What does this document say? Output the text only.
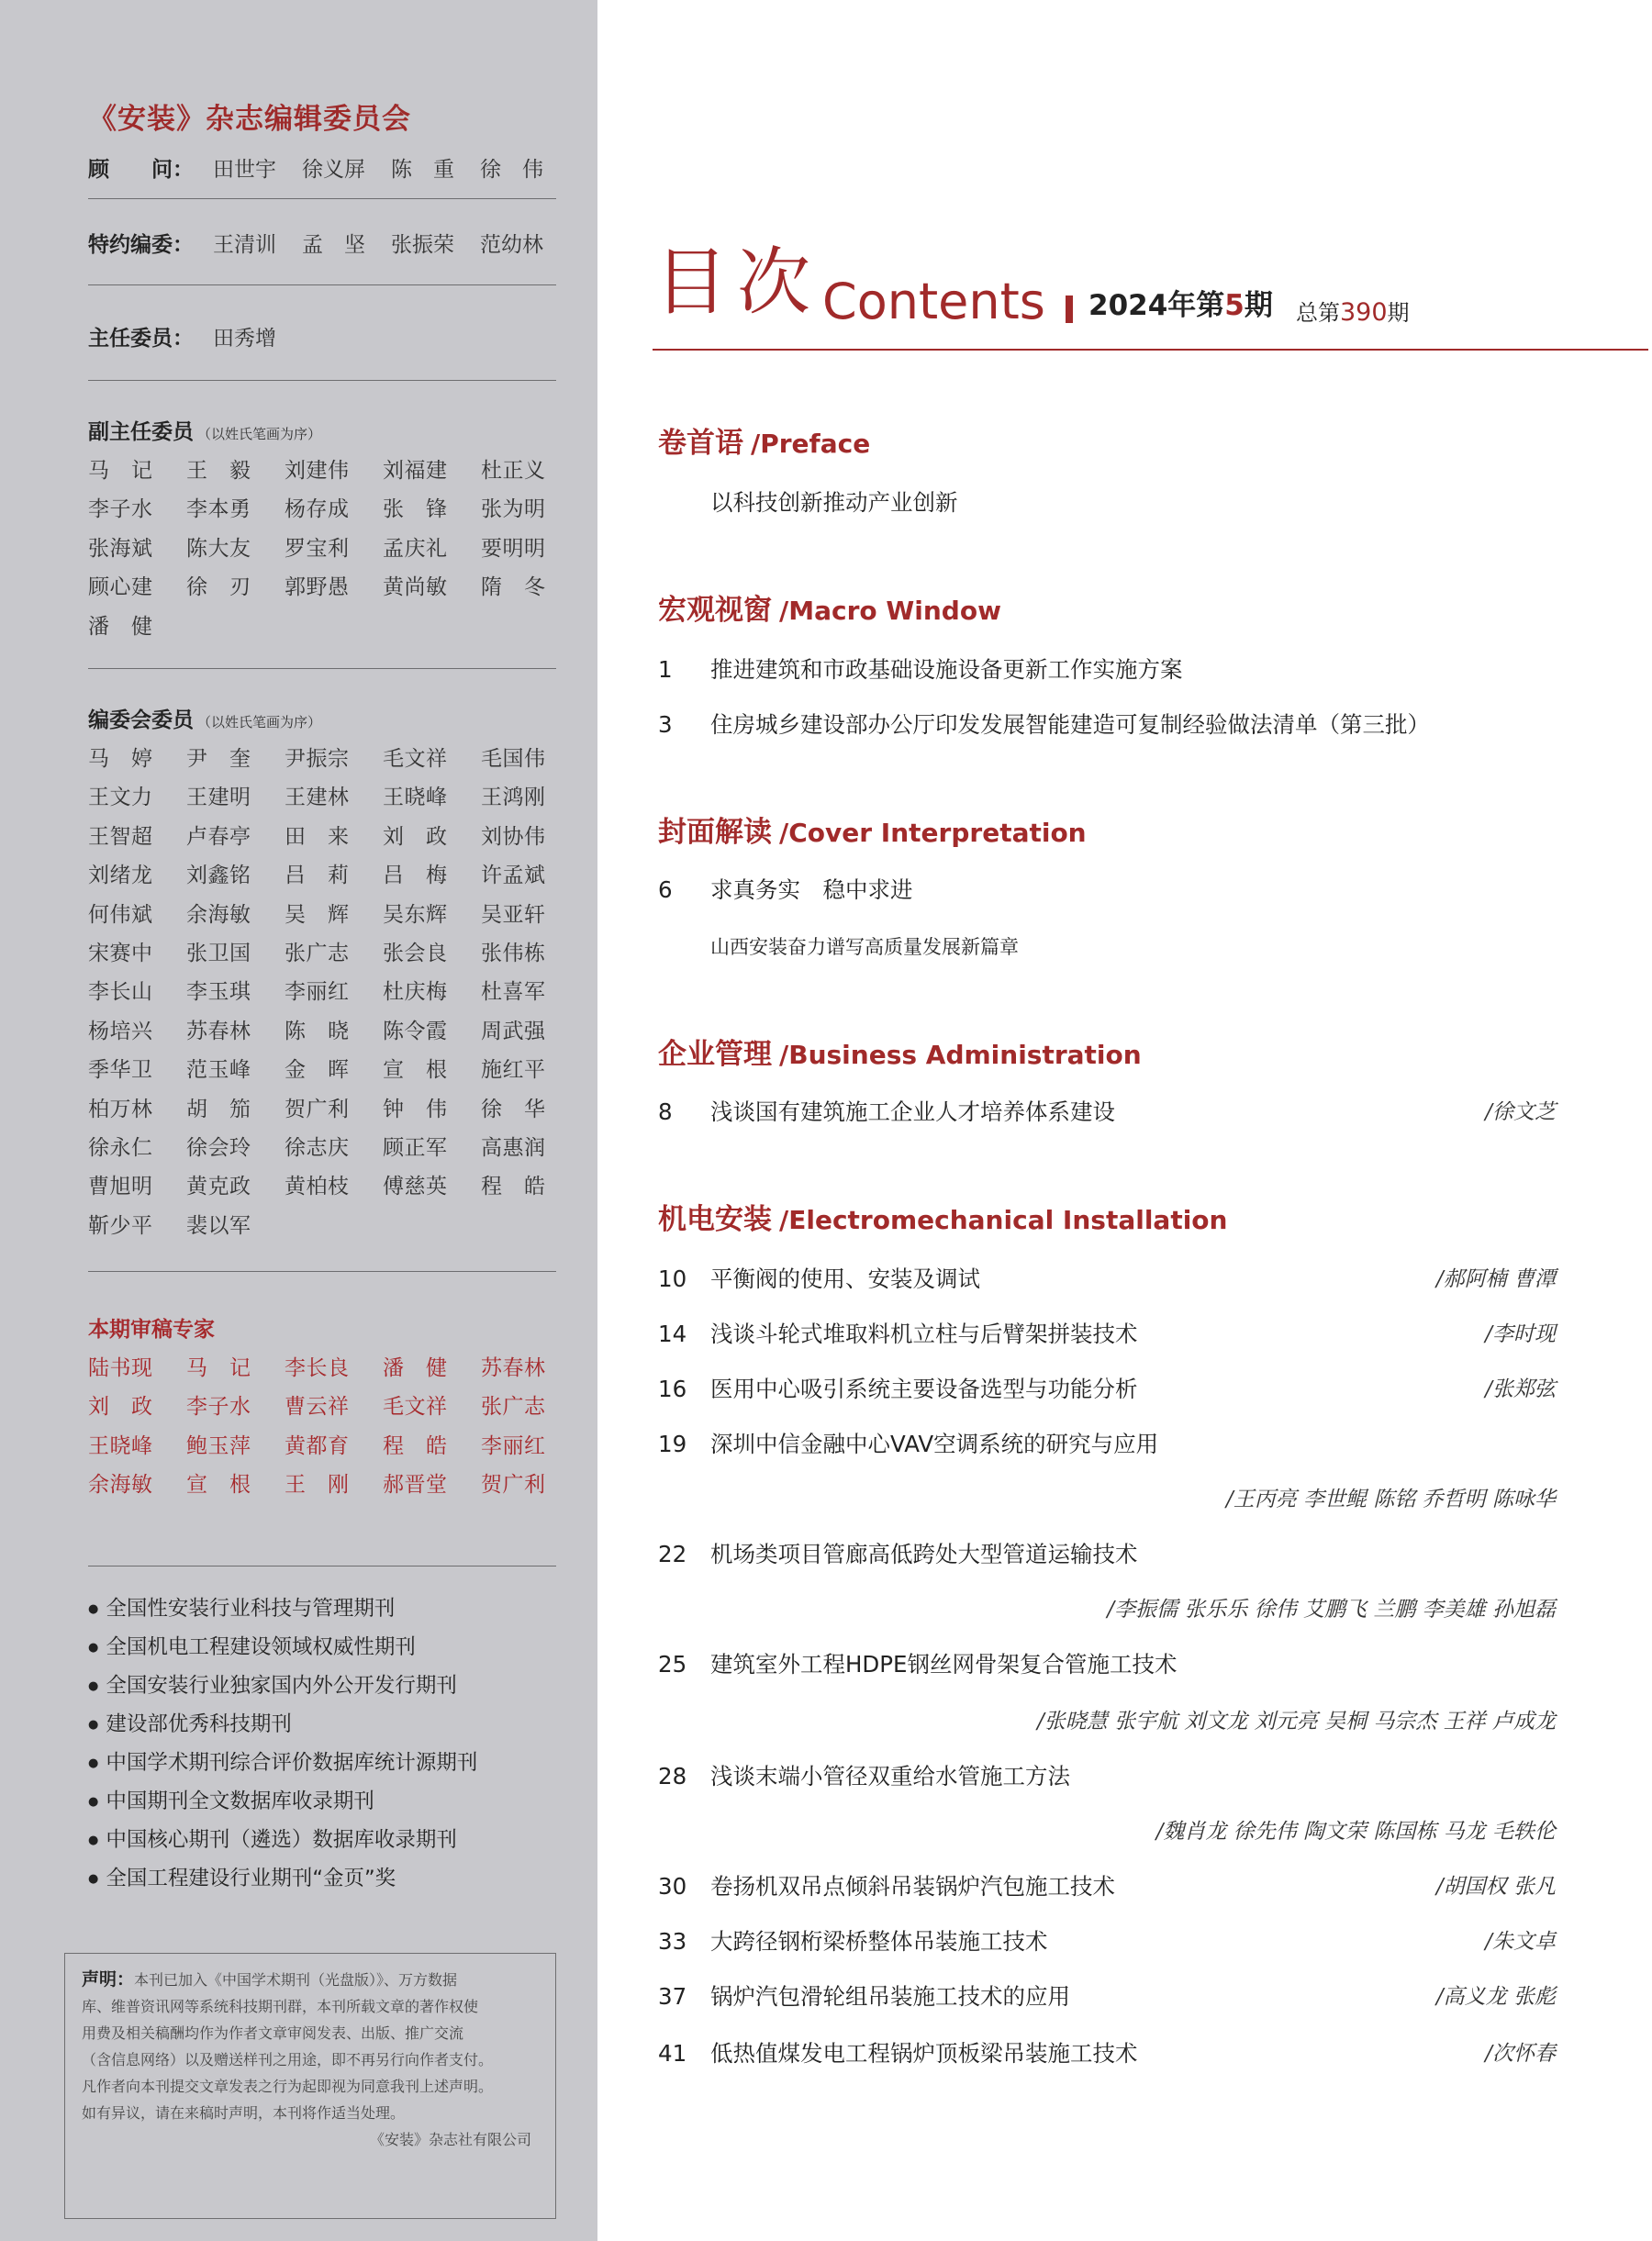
《安装》杂志编辑委员会
顾　　问： 田世宇 徐义屏 陈　重 徐　伟
特约编委： 王清训 孟　坚 张振荣 范幼林
主任委员： 田秀增
副主任委员 （以姓氏笔画为序）
马　记	王　毅	刘建伟	刘福建	杜正义
李子水	李本勇	杨存成	张　锋	张为明
张海斌	陈大友	罗宝利	孟庆礼	要明明
顾心建	徐　刃	郭野愚	黄尚敏	隋　冬
潘　健
编委会委员 （以姓氏笔画为序）
马　婷	尹　奎	尹振宗	毛文祥	毛国伟
王文力	王建明	王建林	王晓峰	王鸿刚
王智超	卢春亭	田　来	刘　政	刘协伟
刘绪龙	刘鑫铭	吕　莉	吕　梅	许孟斌
何伟斌	余海敏	吴　辉	吴东辉	吴亚轩
宋赛中	张卫国	张广志	张会良	张伟栋
李长山	李玉琪	李丽红	杜庆梅	杜喜军
杨培兴	苏春林	陈　晓	陈令霞	周武强
季华卫	范玉峰	金　晖	宣　根	施红平
柏万林	胡　笳	贺广利	钟　伟	徐　华
徐永仁	徐会玲	徐志庆	顾正军	高惠润
曹旭明	黄克政	黄柏枝	傅慈英	程　皓
靳少平	裴以军
本期审稿专家
陆书现	马　记	李长良	潘　健	苏春林
刘　政	李子水	曹云祥	毛文祥	张广志
王晓峰	鲍玉萍	黄都育	程　皓	李丽红
余海敏	宣　根	王　刚	郝晋堂	贺广利
● 全国性安装行业科技与管理期刊
● 全国机电工程建设领域权威性期刊
● 全国安装行业独家国内外公开发行期刊
● 建设部优秀科技期刊
● 中国学术期刊综合评价数据库统计源期刊
● 中国期刊全文数据库收录期刊
● 中国核心期刊（遴选）数据库收录期刊
● 全国工程建设行业期刊“金页”奖
声明：本刊已加入《中国学术期刊（光盘版）》、万方数据
库、维普资讯网等系统科技期刊群，本刊所载文章的著作权使
用费及相关稿酬均作为作者文章审阅发表、出版、推广交流
（含信息网络）以及赠送样刊之用途，即不再另行向作者支付。
凡作者向本刊提交文章发表之行为起即视为同意我刊上述声明。
如有异议，请在来稿时声明，本刊将作适当处理。
《安装》杂志社有限公司
目次 Contents 2024年第5期 总第390期
卷首语 /Preface
以科技创新推动产业创新
宏观视窗 /Macro Window
1	推进建筑和市政基础设施设备更新工作实施方案
3	住房城乡建设部办公厅印发发展智能建造可复制经验做法清单（第三批）
封面解读 /Cover Interpretation
6	求真务实　稳中求进
山西安装奋力谱写高质量发展新篇章
企业管理 /Business Administration
8	浅谈国有建筑施工企业人才培养体系建设	/徐文芝
机电安装 /Electromechanical Installation
10	平衡阀的使用、安装及调试	/郝阿楠 曹潭
14	浅谈斗轮式堆取料机立柱与后臂架拼装技术	/李时现
16	医用中心吸引系统主要设备选型与功能分析	/张郑弦
19	深圳中信金融中心VAV空调系统的研究与应用
/王丙亮 李世鲲 陈铭 乔哲明 陈咏华
22	机场类项目管廊高低跨处大型管道运输技术
/李振儒 张乐乐 徐伟 艾鹏飞 兰鹏 李美雄 孙旭磊
25	建筑室外工程HDPE钢丝网骨架复合管施工技术
/张晓慧 张宇航 刘文龙 刘元亮 吴桐 马宗杰 王祥 卢成龙
28	浅谈末端小管径双重给水管施工方法
/魏肖龙 徐先伟 陶文荣 陈国栋 马龙 毛轶伦
30	卷扬机双吊点倾斜吊装锅炉汽包施工技术	/胡国权 张凡
33	大跨径钢桁梁桥整体吊装施工技术	/朱文卓
37	锅炉汽包滑轮组吊装施工技术的应用	/高义龙 张彪
41	低热值煤发电工程锅炉顶板梁吊装施工技术	/次怀春
